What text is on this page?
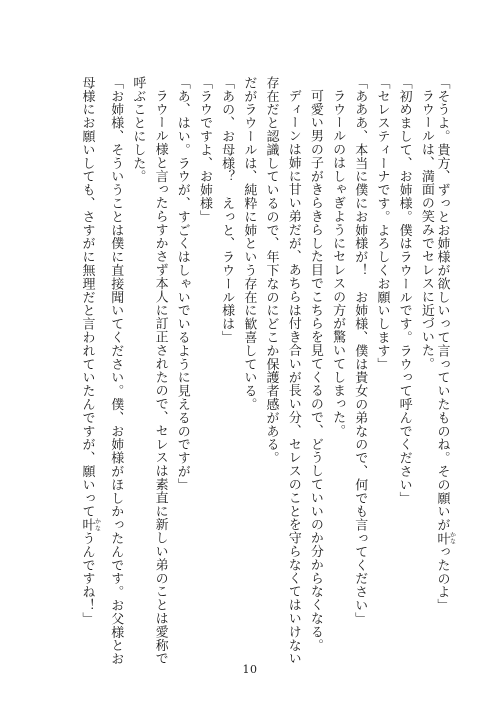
「そうよ。貴方、ずっとお姉様が欲しいって言っていたものね。その願いが叶 かなったのよ」
ラウールは、満面の笑みでセレスに近づいた。
「初めまして、お姉様。僕はラウールです。ラウって呼んでください」
「セレスティーナです。よろしくお願いします」
「あああ、本当に僕にお姉様が！　お姉様、僕は貴女の弟なので、何でも言ってください」
ラウールのはしゃぎようにセレスの方が驚いてしまった。
可愛い男の子がきらきらした目でこちらを見てくるので、どうしていいのか分からなくなる。
ディーンは姉に甘い弟だが、あちらは付き合いが長い分、セレスのことを守らなくてはいけない
存在だと認識しているので、年下なのにどこか保護者感がある。
だがラウールは、純粋に姉という存在に歓喜している。
「あの、お母様？　えっと、ラウール様は」
「ラウですよ、お姉様」
「あ、はい。ラウが、すごくはしゃいでいるように見えるのですが」
ラウール様と言ったらすかさず本人に訂正されたので、セレスは素直に新しい弟のことは愛称で
呼ぶことにした。
「お姉様、そういうことは僕に直接聞いてください。僕、お姉様がほしかったんです。お父様とお
母様にお願いしても、さすがに無理だと言われていたんですが、願いって叶 かなうんですね！」
10
